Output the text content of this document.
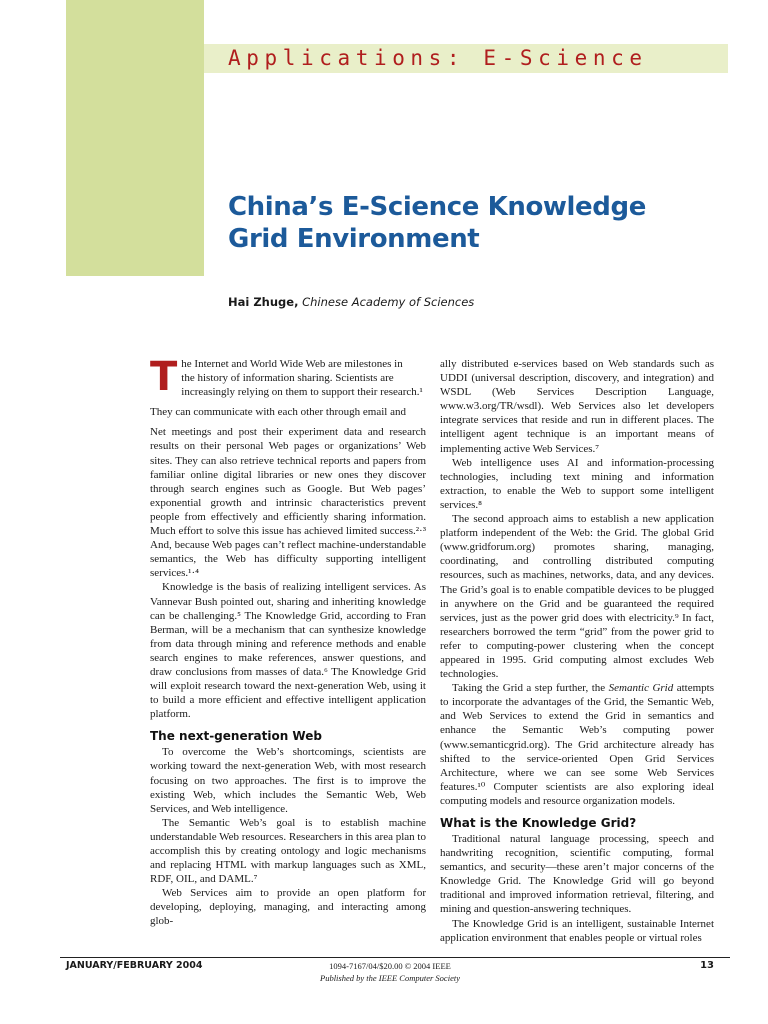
Applications: E-Science
China’s E-Science Knowledge Grid Environment
Hai Zhuge, Chinese Academy of Sciences
T he Internet and World Wide Web are milestones in

the history of information sharing. Scientists are

increasingly relying on them to support their research.¹

They can communicate with each other through email and

Net meetings and post their experiment data and research results on their personal Web pages or organizations’ Web sites. They can also retrieve technical reports and papers from familiar online digital libraries or new ones they discover through search engines such as Google. But Web pages’ exponential growth and intrinsic characteristics prevent people from effectively and efficiently sharing information. Much effort to solve this issue has achieved limited success.²·³ And, because Web pages can’t reflect machine-understandable semantics, the Web has difficulty supporting intelligent services.¹·⁴

Knowledge is the basis of realizing intelligent services. As Vannevar Bush pointed out, sharing and inheriting knowledge can be challenging.⁵ The Knowledge Grid, according to Fran Berman, will be a mechanism that can synthesize knowledge from data through mining and reference methods and enable search engines to make references, answer questions, and draw conclusions from masses of data.⁶ The Knowledge Grid will exploit research toward the next-generation Web, using it to build a more efficient and effective intelligent application platform.

The next-generation Web

To overcome the Web’s shortcomings, scientists are working toward the next-generation Web, with most research focusing on two approaches. The first is to improve the existing Web, which includes the Semantic Web, Web Services, and Web intelligence.

The Semantic Web’s goal is to establish machine understandable Web resources. Researchers in this area plan to accomplish this by creating ontology and logic mechanisms and replacing HTML with markup languages such as XML, RDF, OIL, and DAML.⁷

Web Services aim to provide an open platform for developing, deploying, managing, and interacting among glob-

ally distributed e-services based on Web standards such as UDDI (universal description, discovery, and integration) and WSDL (Web Services Description Language, www.w3.org/TR/wsdl). Web Services also let developers integrate services that reside and run in different places. The intelligent agent technique is an important means of implementing active Web Services.⁷

Web intelligence uses AI and information-processing technologies, including text mining and information extraction, to enable the Web to support some intelligent services.⁸

The second approach aims to establish a new application platform independent of the Web: the Grid. The global Grid (www.gridforum.org) promotes sharing, managing, coordinating, and controlling distributed computing resources, such as machines, networks, data, and any devices. The Grid’s goal is to enable compatible devices to be plugged in anywhere on the Grid and be guaranteed the required services, just as the power grid does with electricity.⁹ In fact, researchers borrowed the term “grid” from the power grid to refer to computing-power clustering when the concept appeared in 1995. Grid computing almost excludes Web technologies.

Taking the Grid a step further, the Semantic Grid attempts to incorporate the advantages of the Grid, the Semantic Web, and Web Services to extend the Grid in semantics and enhance the Semantic Web’s computing power (www.semanticgrid.org). The Grid architecture already has shifted to the service-oriented Open Grid Services Architecture, where we can see some Web Services features.¹⁰ Computer scientists are also exploring ideal computing models and resource organization models.

What is the Knowledge Grid?

Traditional natural language processing, speech and handwriting recognition, scientific computing, formal semantics, and security—these aren’t major concerns of the Knowledge Grid. The Knowledge Grid will go beyond traditional and improved information retrieval, filtering, and mining and question-answering techniques.

The Knowledge Grid is an intelligent, sustainable Internet application environment that enables people or virtual roles

JANUARY/FEBRUARY 2004	1094-7167/04/$20.00 © 2004 IEEE
Published by the IEEE Computer Society
13
